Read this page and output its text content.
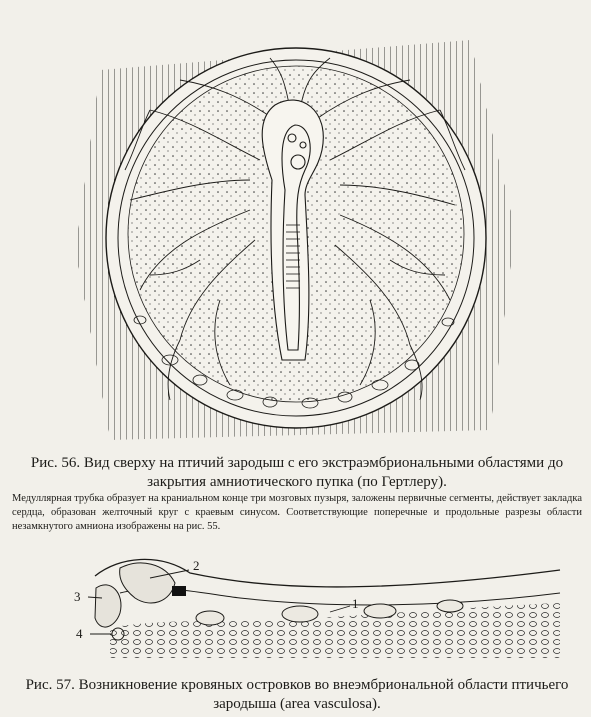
Рис. 56. Вид сверху на птичий зародыш с его экстраэмбриональными областями до закрытия амниотического пупка (по Гертлеру).
Медуллярная трубка образует на краниальном конце три мозговых пузыря, заложены первичные сегменты, действует закладка сердца, образован желточный круг с краевым синусом. Соответствующие поперечные и продольные разрезы области незамкнутого амниона изображены на рис. 55.
2
1
3
4
Рис. 57. Возникновение кровяных островков во внеэмбриональной области птичьего зародыша (area vasculosa).
